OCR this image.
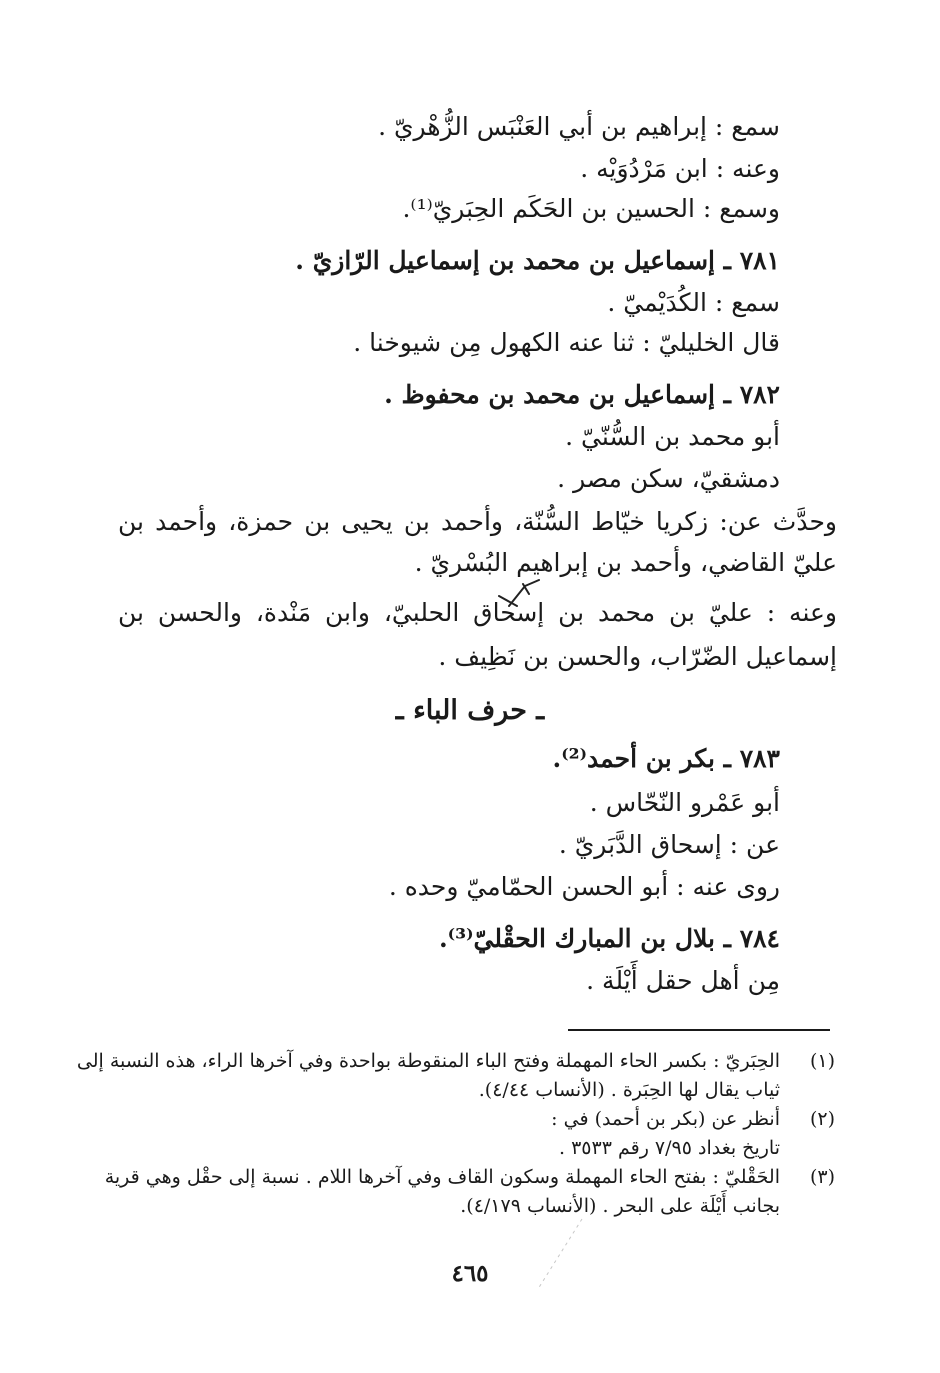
سمع : إبراهيم بن أبي العَنْبَس الزُّهْريّ .
وعنه : ابن مَرْدُوَيْه .
وسمع : الحسين بن الحَكَم الحِبَريّ⁽¹⁾.
٧٨١ ـ إسماعيل بن محمد بن إسماعيل الرّازيّ .
سمع : الكُدَيْميّ .
قال الخليليّ : ثنا عنه الكهول مِن شيوخنا .
٧٨٢ ـ إسماعيل بن محمد بن محفوظ .
أبو محمد بن السُّنّيّ .
دمشقيّ، سكن مصر .
وحدَّث عن: زكريا خيّاط السُّنّة، وأحمد بن يحيى بن حمزة، وأحمد بن
عليّ القاضي، وأحمد بن إبراهيم البُسْريّ .
وعنه : عليّ بن محمد بن إسحاق الحلبيّ، وابن مَنْدة، والحسن بن
إسماعيل الضّرّاب، والحسن بن نَظِيف .
ـ حرف الباء ـ
٧٨٣ ـ بكر بن أحمد⁽²⁾.
أبو عَمْرو النّحّاس .
عن : إسحاق الدَّبَريّ .
روى عنه : أبو الحسن الحمّاميّ وحده .
٧٨٤ ـ بلال بن المبارك الحقْليّ⁽³⁾.
مِن أهل حقل أَيْلَة .
(١)
الحِبَريّ : بكسر الحاء المهملة وفتح الباء المنقوطة بواحدة وفي آخرها الراء، هذه النسبة إلى
ثياب يقال لها الحِبَرة . (الأنساب ٤/٤٤).
(٢)
أنظر عن (بكر بن أحمد) في :
تاريخ بغداد ٧/٩٥ رقم ٣٥٣٣ .
(٣)
الحَقْليّ : بفتح الحاء المهملة وسكون القاف وفي آخرها اللام . نسبة إلى حقْل وهي قرية
بجانب أَيْلَة على البحر . (الأنساب ٤/١٧٩).
٤٦٥
